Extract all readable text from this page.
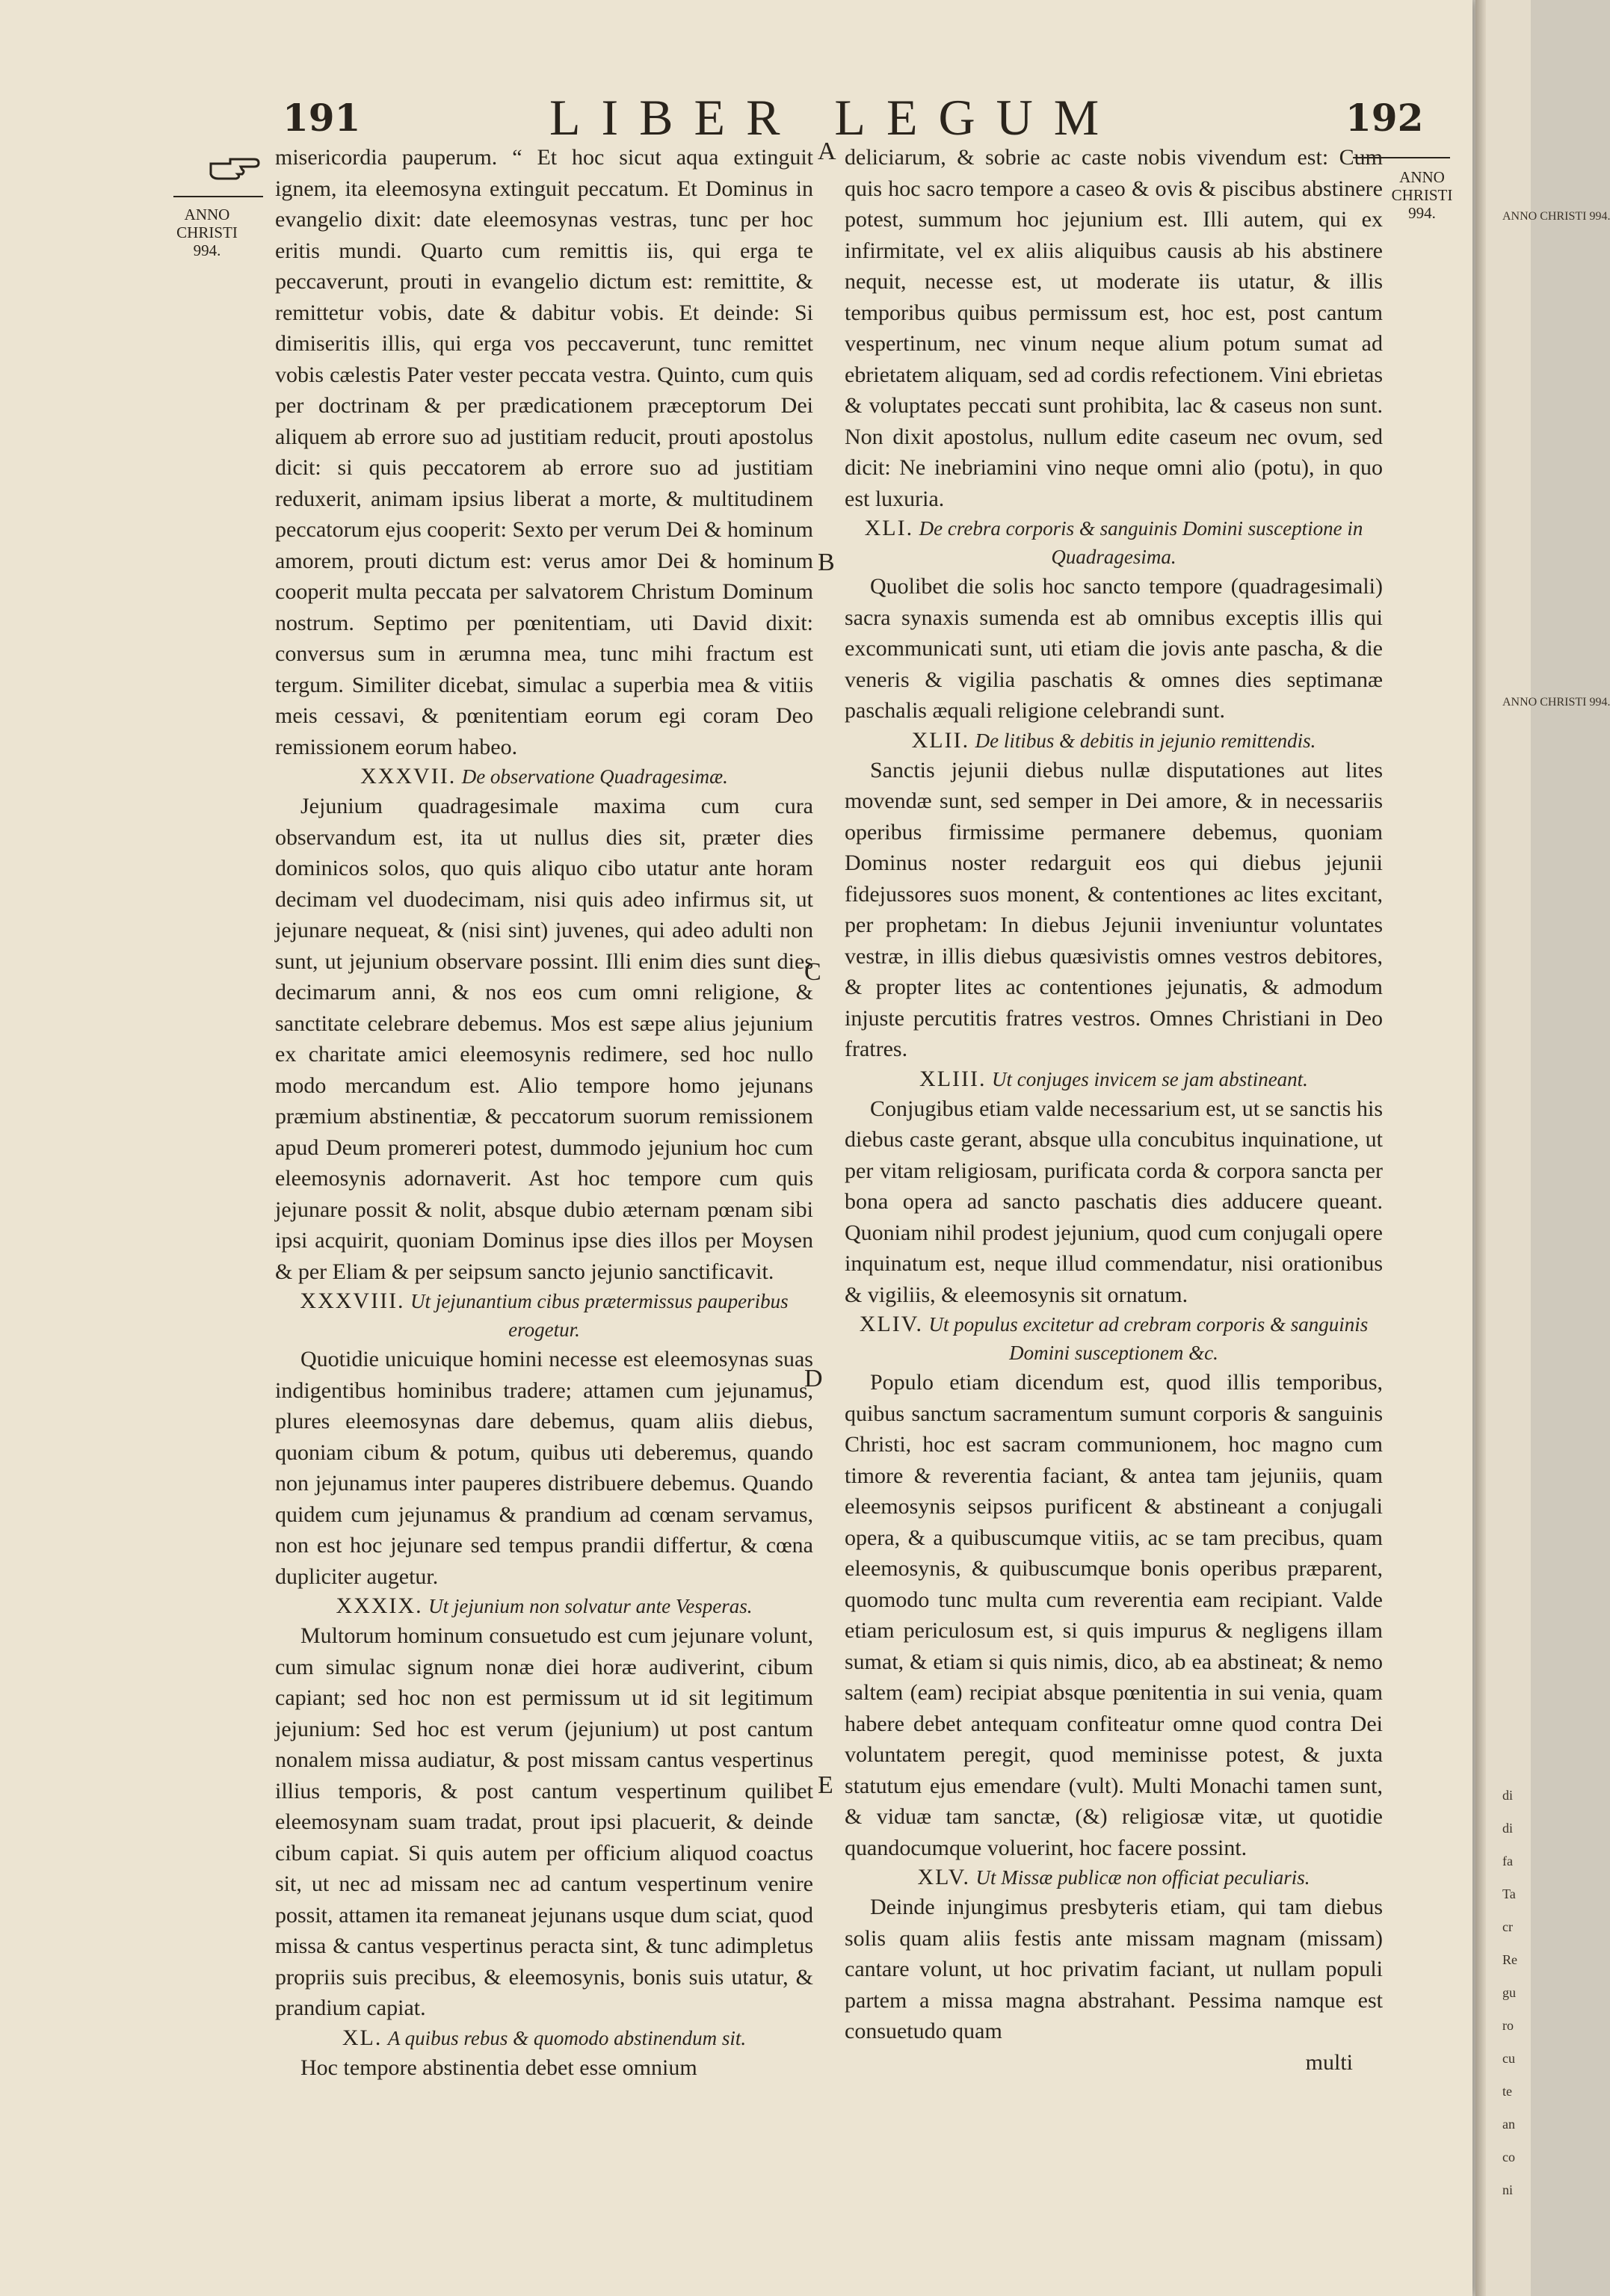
191	LIBER LEGUM	192
ANNO
CHRISTI
994.
ANNO
CHRISTI
994.
A
B
C
D
E

misericordia pauperum. “ Et hoc sicut aqua extinguit ignem, ita eleemosyna extinguit peccatum. Et Dominus in evangelio dixit: date eleemosynas vestras, tunc per hoc eritis mundi. Quarto cum remittis iis, qui erga te peccaverunt, prouti in evangelio dictum est: remittite, & remittetur vobis, date & dabitur vobis. Et deinde: Si dimiseritis illis, qui erga vos peccaverunt, tunc remittet vobis cælestis Pater vester peccata vestra. Quinto, cum quis per doctrinam & per prædicationem præceptorum Dei aliquem ab errore suo ad justitiam reducit, prouti apostolus dicit: si quis peccatorem ab errore suo ad justitiam reduxerit, animam ipsius liberat a morte, & multitudinem peccatorum ejus cooperit: Sexto per verum Dei & hominum amorem, prouti dictum est: verus amor Dei & hominum cooperit multa peccata per salvatorem Christum Dominum nostrum. Septimo per pœnitentiam, uti David dixit: conversus sum in ærumna mea, tunc mihi fractum est tergum. Similiter dicebat, simulac a superbia mea & vitiis meis cessavi, & pœnitentiam eorum egi coram Deo remissionem eorum habeo.

XXXVII. De observatione Quadragesimæ.

Jejunium quadragesimale maxima cum cura observandum est, ita ut nullus dies sit, præter dies dominicos solos, quo quis aliquo cibo utatur ante horam decimam vel duodecimam, nisi quis adeo infirmus sit, ut jejunare nequeat, & (nisi sint) juvenes, qui adeo adulti non sunt, ut jejunium observare possint. Illi enim dies sunt dies decimarum anni, & nos eos cum omni religione, & sanctitate celebrare debemus. Mos est sæpe alius jejunium ex charitate amici eleemosynis redimere, sed hoc nullo modo mercandum est. Alio tempore homo jejunans præmium abstinentiæ, & peccatorum suorum remissionem apud Deum promereri potest, dummodo jejunium hoc cum eleemosynis adornaverit. Ast hoc tempore cum quis jejunare possit & nolit, absque dubio æternam pœnam sibi ipsi acquirit, quoniam Dominus ipse dies illos per Moysen & per Eliam & per seipsum sancto jejunio sanctificavit.

XXXVIII. Ut jejunantium cibus prætermissus pauperibus erogetur.

Quotidie unicuique homini necesse est eleemosynas suas indigentibus hominibus tradere; attamen cum jejunamus, plures eleemosynas dare debemus, quam aliis diebus, quoniam cibum & potum, quibus uti deberemus, quando non jejunamus inter pauperes distribuere debemus. Quando quidem cum jejunamus & prandium ad cœnam servamus, non est hoc jejunare sed tempus prandii differtur, & cœna dupliciter augetur.

XXXIX. Ut jejunium non solvatur ante Vesperas.

Multorum hominum consuetudo est cum jejunare volunt, cum simulac signum nonæ diei horæ audiverint, cibum capiant; sed hoc non est permissum ut id sit legitimum jejunium: Sed hoc est verum (jejunium) ut post cantum nonalem missa audiatur, & post missam cantus vespertinus illius temporis, & post cantum vespertinum quilibet eleemosynam suam tradat, prout ipsi placuerit, & deinde cibum capiat. Si quis autem per officium aliquod coactus sit, ut nec ad missam nec ad cantum vespertinum venire possit, attamen ita remaneat jejunans usque dum sciat, quod missa & cantus vespertinus peracta sint, & tunc adimpletus propriis suis precibus, & eleemosynis, bonis suis utatur, & prandium capiat.

XL. A quibus rebus & quomodo abstinendum sit.

Hoc tempore abstinentia debet esse omnium

deliciarum, & sobrie ac caste nobis vivendum est: Cum quis hoc sacro tempore a caseo & ovis & piscibus abstinere potest, summum hoc jejunium est. Illi autem, qui ex infirmitate, vel ex aliis aliquibus causis ab his abstinere nequit, necesse est, ut moderate iis utatur, & illis temporibus quibus permissum est, hoc est, post cantum vespertinum, nec vinum neque alium potum sumat ad ebrietatem aliquam, sed ad cordis refectionem. Vini ebrietas & voluptates peccati sunt prohibita, lac & caseus non sunt. Non dixit apostolus, nullum edite caseum nec ovum, sed dicit: Ne inebriamini vino neque omni alio (potu), in quo est luxuria.

XLI. De crebra corporis & sanguinis Domini susceptione in Quadragesima.

Quolibet die solis hoc sancto tempore (quadragesimali) sacra synaxis sumenda est ab omnibus exceptis illis qui excommunicati sunt, uti etiam die jovis ante pascha, & die veneris & vigilia paschatis & omnes dies septimanæ paschalis æquali religione celebrandi sunt.

XLII. De litibus & debitis in jejunio remittendis.

Sanctis jejunii diebus nullæ disputationes aut lites movendæ sunt, sed semper in Dei amore, & in necessariis operibus firmissime permanere debemus, quoniam Dominus noster redarguit eos qui diebus jejunii fidejussores suos monent, & contentiones ac lites excitant, per prophetam: In diebus Jejunii inveniuntur voluntates vestræ, in illis diebus quæsivistis omnes vestros debitores, & propter lites ac contentiones jejunatis, & admodum injuste percutitis fratres vestros. Omnes Christiani in Deo fratres.

XLIII. Ut conjuges invicem se jam abstineant.

Conjugibus etiam valde necessarium est, ut se sanctis his diebus caste gerant, absque ulla concubitus inquinatione, ut per vitam religiosam, purificata corda & corpora sancta per bona opera ad sancto paschatis dies adducere queant. Quoniam nihil prodest jejunium, quod cum conjugali opere inquinatum est, neque illud commendatur, nisi orationibus & vigiliis, & eleemosynis sit ornatum.

XLIV. Ut populus excitetur ad crebram corporis & sanguinis Domini susceptionem &c.

Populo etiam dicendum est, quod illis temporibus, quibus sanctum sacramentum sumunt corporis & sanguinis Christi, hoc est sacram communionem, hoc magno cum timore & reverentia faciant, & antea tam jejuniis, quam eleemosynis seipsos purificent & abstineant a conjugali opera, & a quibuscumque vitiis, ac se tam precibus, quam eleemosynis, & quibuscumque bonis operibus præparent, quomodo tunc multa cum reverentia eam recipiant. Valde etiam periculosum est, si quis impurus & negligens illam sumat, & etiam si quis nimis, dico, ab ea abstineat; & nemo saltem (eam) recipiat absque pœnitentia in sui venia, quam habere debet antequam confiteatur omne quod contra Dei voluntatem peregit, quod meminisse potest, & juxta statutum ejus emendare (vult). Multi Monachi tamen sunt, & viduæ tam sanctæ, (&) religiosæ vitæ, ut quotidie quandocumque voluerint, hoc facere possint.

XLV. Ut Missæ publicæ non officiat peculiaris.

Deinde injungimus presbyteris etiam, qui tam diebus solis quam aliis festis ante missam magnam (missam) cantare volunt, ut hoc privatim faciant, ut nullam populi partem a missa magna abstrahant. Pessima namque est consuetudo quam

multi
ANNO CHRISTI 994.
ANNO CHRISTI 994.
di
di
fa
Ta
cr
Re
gu
ro
cu
te
an
co
ni
